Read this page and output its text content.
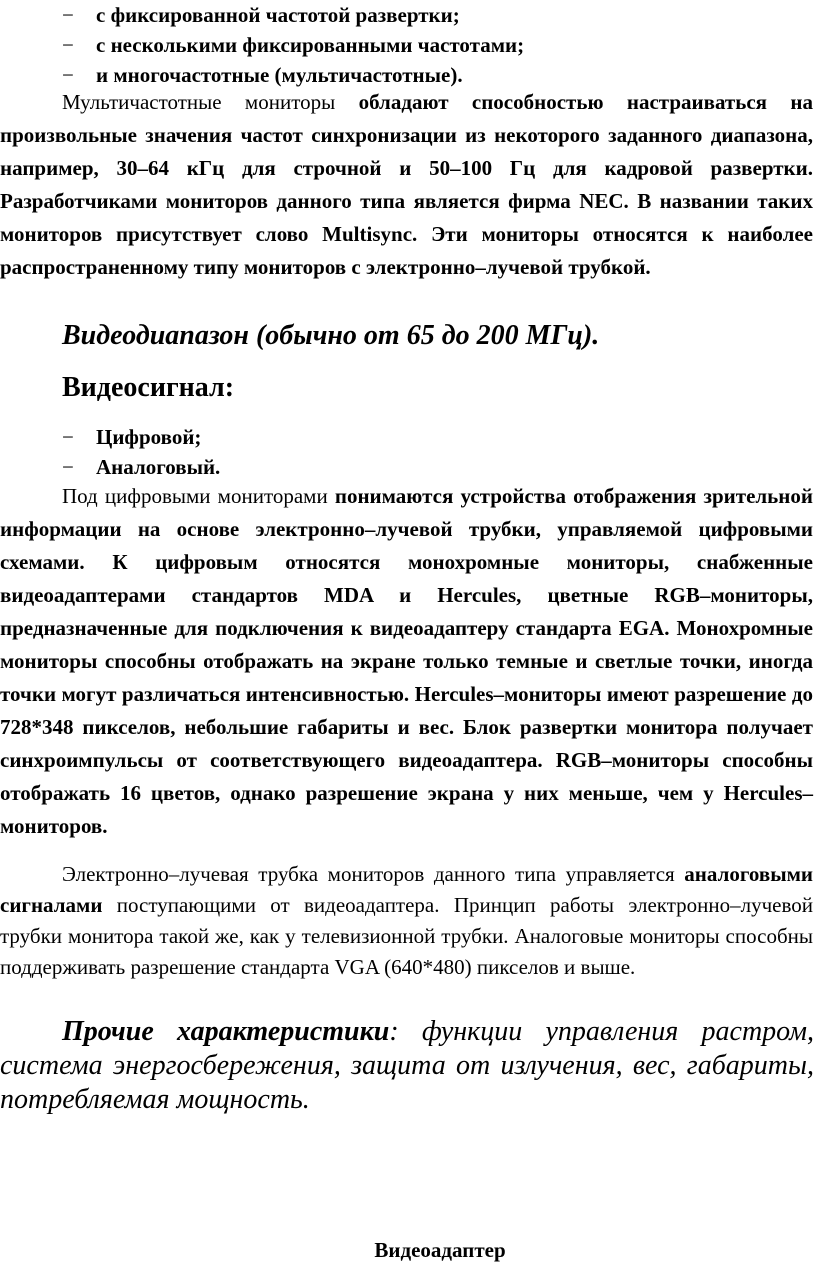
− с фиксированной частотой развертки;
− с несколькими фиксированными частотами;
− и многочастотные (мультичастотные).

Мультичастотные мониторы обладают способностью настраиваться на произвольные значения частот синхронизации из некоторого заданного диапазона, например, 30–64 кГц для строчной и 50–100 Гц для кадровой развертки. Разработчиками мониторов данного типа является фирма NEC. В названии таких мониторов присутствует слово Multisync. Эти мониторы относятся к наиболее распространенному типу мониторов с электронно–лучевой трубкой.

Видеодиапазон (обычно от 65 до 200 МГц).
Видеосигнал:
− Цифровой;
− Аналоговый.

Под цифровыми мониторами понимаются устройства отображения зрительной информации на основе электронно–лучевой трубки, управляемой цифровыми схемами. К цифровым относятся монохромные мониторы, снабженные видеоадаптерами стандартов MDA и Hercules, цветные RGB–мониторы, предназначенные для подключения к видеоадаптеру стандарта EGA. Монохромные мониторы способны отображать на экране только темные и светлые точки, иногда точки могут различаться интенсивностью. Hercules–мониторы имеют разрешение до 728*348 пикселов, небольшие габариты и вес. Блок развертки монитора получает синхроимпульсы от соответствующего видеоадаптера. RGB–мониторы способны отображать 16 цветов, однако разрешение экрана у них меньше, чем у Hercules–мониторов.

Электронно–лучевая трубка мониторов данного типа управляется аналоговыми сигналами поступающими от видеоадаптера. Принцип работы электронно–лучевой трубки монитора такой же, как у телевизионной трубки. Аналоговые мониторы способны поддерживать разрешение стандарта VGA (640*480) пикселов и выше.

Прочие характеристики: функции управления растром, система энергосбережения, защита от излучения, вес, габариты, потребляемая мощность.

Видеоадаптер
